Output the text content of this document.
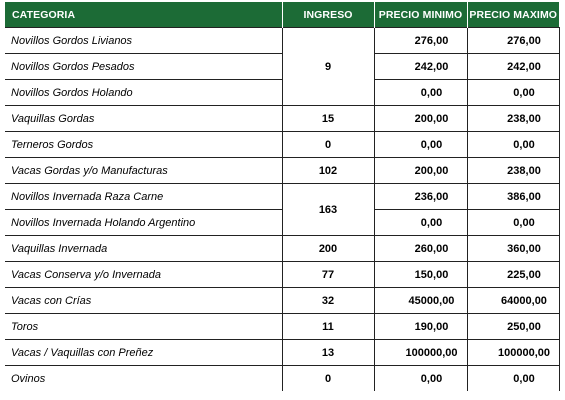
CATEGORIA	INGRESO	PRECIO MINIMO	PRECIO MAXIMO
Novillos Gordos Livianos	9	276,00	276,00
Novillos Gordos Pesados		242,00	242,00
Novillos Gordos Holando		0,00	0,00
Vaquillas Gordas	15	200,00	238,00
Terneros Gordos	0	0,00	0,00
Vacas Gordas y/o Manufacturas	102	200,00	238,00
Novillos Invernada Raza Carne	163	236,00	386,00
Novillos Invernada Holando Argentino		0,00	0,00
Vaquillas Invernada	200	260,00	360,00
Vacas Conserva y/o Invernada	77	150,00	225,00
Vacas con Crías	32	45000,00	64000,00
Toros	11	190,00	250,00
Vacas / Vaquillas con Preñez	13	100000,00	100000,00
Ovinos	0	0,00	0,00
